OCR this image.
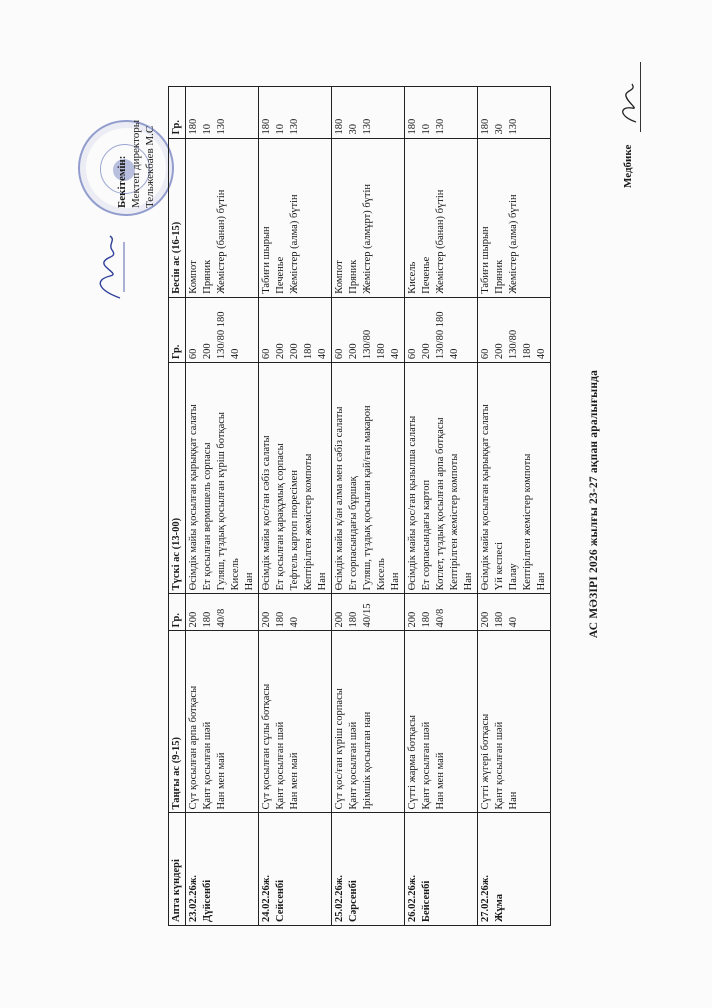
Бекітемін: Мектеп директоры Тельжекбаев М.С
Апта күндері	Таңғы ас (9-15)	Гр.	Түскі ас (13-00)	Гр.	Бесін ас (16-15)	Гр.

23.02.26ж. Дүйсенбі	Сүт қосылған арпа ботқасы Қант қосылған шәй Нан мен май	200 180 40/8	Өсімдік майы қосылған қырыққат салаты Ет қосылған вермишель сорпасы Гуляш, түздық қосылған күріш ботқасы Кисель Нан	60 200 130/80 180 40	Компот Пряник Жемістер (банан) бүтін	180 10 130

24.02.26ж. Сейсенбі	Сүт қосылған сұлы ботқасы Қант қосылған шәй Нан мен май	200 180 40	Өсімдік майы қос/ған сәбіз салаты Ет қосылған қарақұмық сорпасы Тефтель картоп пюресімен Кептірілген жемістер компоты Нан	60 200 200 180 40	Табиғи шырын Печенье Жемістер (алма) бүтін	180 10 130

25.02.26ж. Сәрсенбі	Сүт қос/ған күріш сорпасы Қант қосылған шәй Ірімшік қосылған нан	200 180 40/15	Өсімдік майы қ/ан алма мен сәбіз салаты Ет сорпасындағы бұршақ Гуляш, түздық қосылған қай/ған макарон Кисель Нан	60 200 130/80 180 40	Компот Пряник Жемістер (алмұрт) бүтін	180 30 130

26.02.26ж. Бейсенбі	Сүтті жарма ботқасы Қант қосылған шәй Нан мен май	200 180 40/8	Өсімдік майы қос/ған қызылша салаты Ет сорпасындағы картоп Котлет, түздық қосылған арпа ботқасы Кептірілген жемістер компоты Нан	60 200 130/80 180 40	Кисель Печенье Жемістер (банан) бүтін	180 10 130

27.02.26ж. Жұма	Сүтті жүгері ботқасы Қант қосылған шәй Нан	200 180 40	Өсімдік майы қосылған қырыққат салаты Үй кеспесі Палау Кептірілген жемістер компоты Нан	60 200 130/80 180 40	Табиғи шырын Пряник Жемістер (алма) бүтін	180 30 130
АС МӘЗІРІ 2026 жылғы 23-27 ақпан аралығында
Медбике
